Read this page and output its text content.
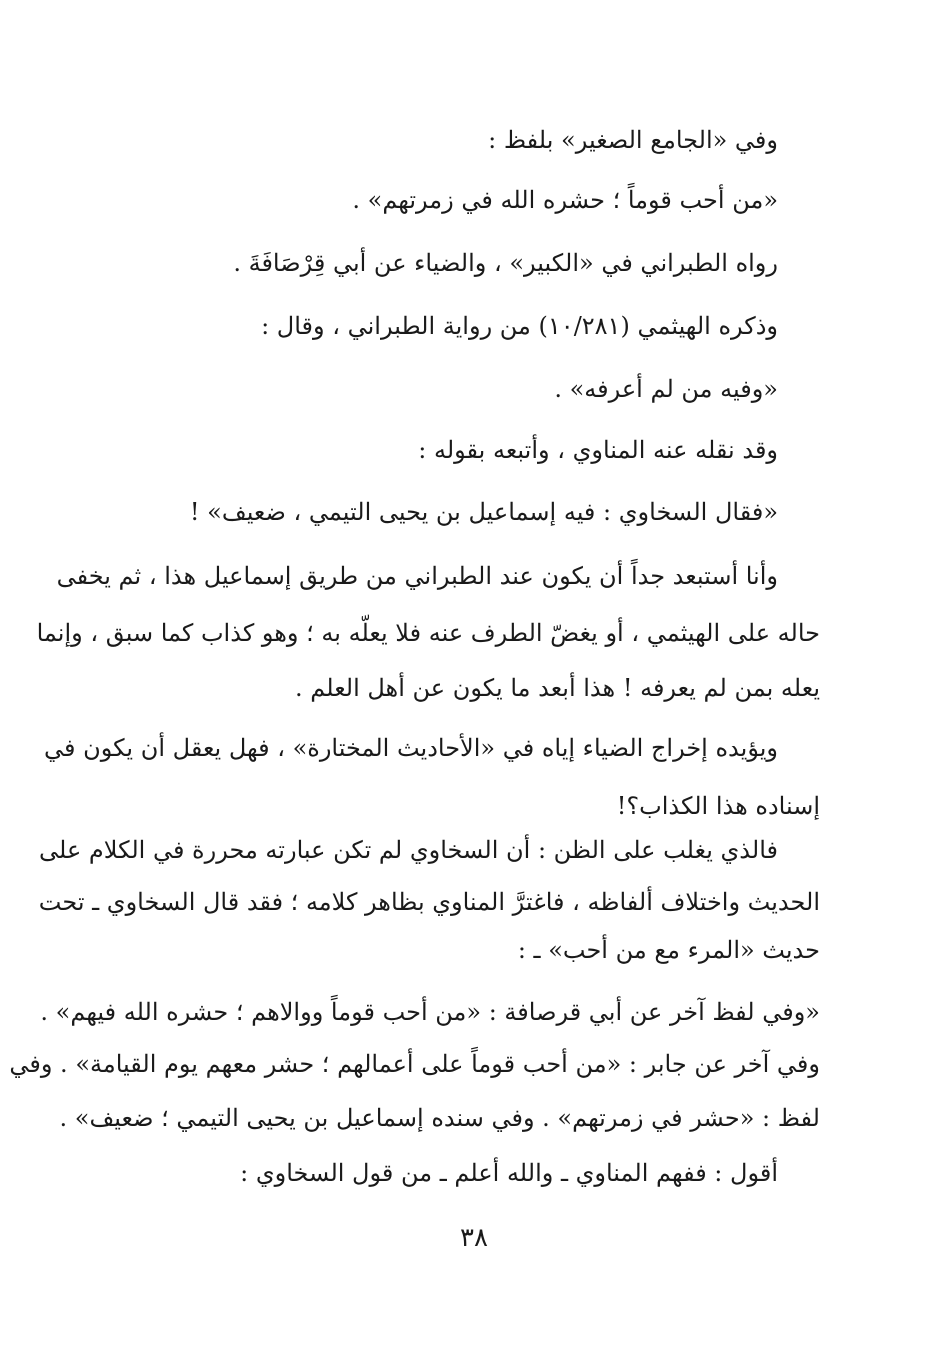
وفي «الجامع الصغير» بلفظ :
«من أحب قوماً ؛ حشره الله في زمرتهم» .
رواه الطبراني في «الكبير» ، والضياء عن أبي قِرْصَافَةَ .
وذكره الهيثمي (١٠/٢٨١) من رواية الطبراني ، وقال :
«وفيه من لم أعرفه» .
وقد نقله عنه المناوي ، وأتبعه بقوله :
«فقال السخاوي : فيه إسماعيل بن يحيى التيمي ، ضعيف» !
وأنا أستبعد جداً أن يكون عند الطبراني من طريق إسماعيل هذا ، ثم يخفى
حاله على الهيثمي ، أو يغضّ الطرف عنه فلا يعلّه به ؛ وهو كذاب كما سبق ، وإنما
يعله بمن لم يعرفه ! هذا أبعد ما يكون عن أهل العلم .
ويؤيده إخراج الضياء إياه في «الأحاديث المختارة» ، فهل يعقل أن يكون في
إسناده هذا الكذاب؟!
فالذي يغلب على الظن : أن السخاوي لم تكن عبارته محررة في الكلام على
الحديث واختلاف ألفاظه ، فاغترَّ المناوي بظاهر كلامه ؛ فقد قال السخاوي ـ تحت
حديث «المرء مع من أحب» ـ :
«وفي لفظ آخر عن أبي قرصافة : «من أحب قوماً ووالاهم ؛ حشره الله فيهم» .
وفي آخر عن جابر : «من أحب قوماً على أعمالهم ؛ حشر معهم يوم القيامة» . وفي
لفظ : «حشر في زمرتهم» . وفي سنده إسماعيل بن يحيى التيمي ؛ ضعيف» .
أقول : ففهم المناوي ـ والله أعلم ـ من قول السخاوي :
٣٨
